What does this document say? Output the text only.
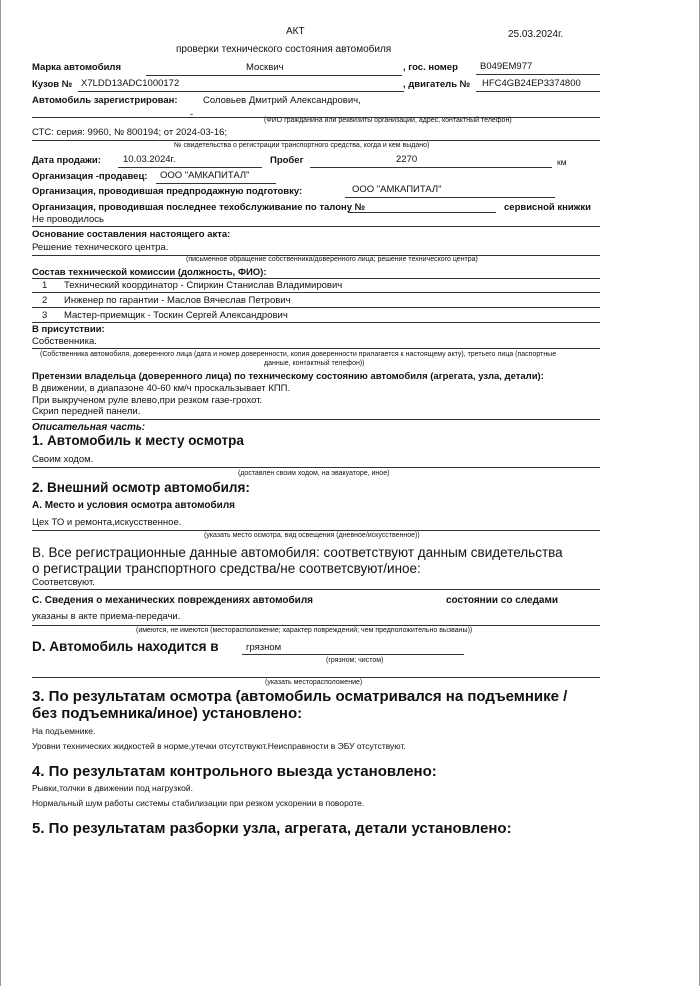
АКТ	25.03.2024г.
проверки технического состояния автомобиля
Марка автомобиля	Москвич	, гос. номер В049ЕМ977
Кузов № X7LDD13ADC1000172	, двигатель № HFC4GB24EP3374800
Автомобиль зарегистрирован:	Соловьев Дмитрий Александрович,
-
(ФИО гражданина или реквизиты организации, адрес, контактный телефон)
СТС: серия: 9960, № 800194; от 2024-03-16;
№ свидетельства о регистрации транспортного средства, когда и кем выдано)
Дата продажи: 10.03.2024г.	Пробег	2270	км
Организация -продавец: ООО "АМКАПИТАЛ"
Организация, проводившая предпродажную подготовку:	ООО "АМКАПИТАЛ"
Организация, проводившая последнее техобслуживание по талону №	сервисной книжки
Не проводилось
Основание составления настоящего акта:
Решение технического центра.
(письменное обращение собственника/доверенного лица; решение технического центра)
Состав технической комиссии (должность, ФИО):
1 Технический координатор - Спиркин Станислав Владимирович
2 Инженер по гарантии - Маслов Вячеслав Петрович
3 Мастер-приемщик - Тоскин Сергей Александрович
В присутствии:
Собственника.
(Собственника автомобиля, доверенного лица (дата и номер доверенности, копия доверенности прилагается к настоящему акту), третьего лица (паспортные
данные, контактный телефон))
Претензии владельца (доверенного лица) по техническому состоянию автомобиля (агрегата, узла, детали):
В движении, в диапазоне 40-60 км/ч проскальзывает КПП.
При выкрученом руле влево,при резком газе-грохот.
Скрип передней панели.
Описательная часть:
1. Автомобиль к месту осмотра
Своим ходом.
(доставлен своим ходом, на эвакуаторе, иное)
2. Внешний осмотр автомобиля:
А. Место и условия осмотра автомобиля
Цех ТО и ремонта,искусственное.
(указать место осмотра, вид освещения (дневное/искусственное))
В. Все регистрационные данные автомобиля: соответствуют данным свидетельства
о регистрации транспортного средства/не соответсвуют/иное:
Соответсвуют.
С. Сведения о механических повреждениях автомобиля	состоянии со следами
указаны в акте приема-передачи.
(имеются, не имеются (месторасположение; характер повреждений; чем предположительно вызваны))
D. Автомобиль находится в	грязном
(грязном; чистом)
(указать месторасположение)
3. По результатам осмотра (автомобиль осматривался на подъемнике /
без подъемника/иное) установлено:
На подъемнике.
Уровни технических жидкостей в норме,утечки отсутствуют.Неисправности в ЭБУ отсутствуют.
4. По результатам контрольного выезда установлено:
Рывки,толчки в движении под нагрузкой.
Нормальный шум работы системы стабилизации при резком ускорении в повороте.
5. По результатам разборки узла, агрегата, детали установлено:
